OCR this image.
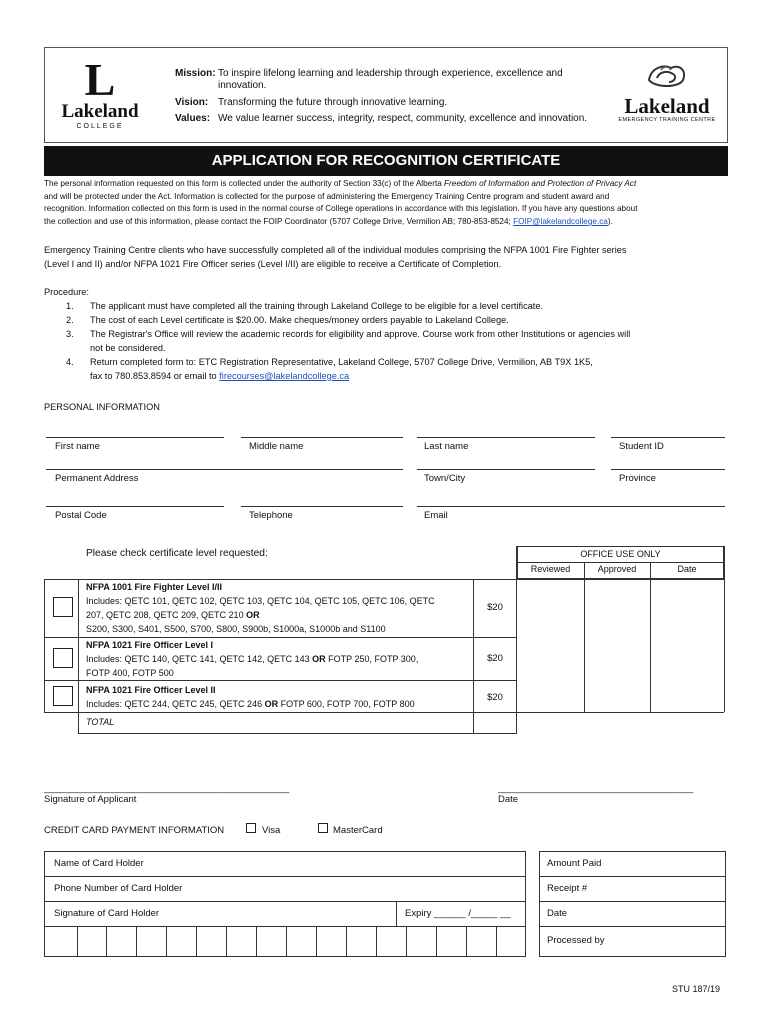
L
Lakeland
COLLEGE
Mission: To inspire lifelong learning and leadership through experience, excellence and innovation.
Vision: Transforming the future through innovative learning.
Values: We value learner success, integrity, respect, community, excellence and innovation.
Lakeland
EMERGENCY TRAINING CENTRE
APPLICATION FOR RECOGNITION CERTIFICATE
The personal information requested on this form is collected under the authority of Section 33(c) of the Alberta Freedom of Information and Protection of Privacy Act
and will be protected under the Act. Information is collected for the purpose of administering the Emergency Training Centre program and student award and
recognition. Information collected on this form is used in the normal course of College operations in accordance with this legislation. If you have any questions about
the collection and use of this information, please contact the FOIP Coordinator (5707 College Drive, Vermilion AB; 780-853-8524; FOIP@lakelandcollege.ca).
Emergency Training Centre clients who have successfully completed all of the individual modules comprising the NFPA 1001 Fire Fighter series
(Level I and II) and/or NFPA 1021 Fire Officer series (Level I/II) are eligible to receive a Certificate of Completion.
Procedure:
1. The applicant must have completed all the training through Lakeland College to be eligible for a level certificate.
2. The cost of each Level certificate is $20.00. Make cheques/money orders payable to Lakeland College.
3. The Registrar's Office will review the academic records for eligibility and approve. Course work from other Institutions or agencies will
not be considered.
4. Return completed form to: ETC Registration Representative, Lakeland College, 5707 College Drive, Vermilion, AB T9X 1K5,
fax to 780.853.8594 or email to firecourses@lakelandcollege.ca
PERSONAL INFORMATION
First name	Middle name	Last name	Student ID
Permanent Address	Town/City	Province
Postal Code	Telephone	Email
Please check certificate level requested:	OFFICE USE ONLY
Reviewed	Approved	Date
NFPA 1001 Fire Fighter Level I/II
Includes: QETC 101, QETC 102, QETC 103, QETC 104, QETC 105, QETC 106, QETC
207, QETC 208, QETC 209, QETC 210 OR
S200, S300, S401, S500, S700, S800, S900b, S1000a, S1000b and S1100
$20
NFPA 1021 Fire Officer Level I
Includes: QETC 140, QETC 141, QETC 142, QETC 143 OR FOTP 250, FOTP 300,
FOTP 400, FOTP 500
$20
NFPA 1021 Fire Officer Level II
Includes: QETC 244, QETC 245, QETC 246 OR FOTP 600, FOTP 700, FOTP 800
$20
TOTAL
_________________________________________________
Signature of Applicant
_______________________________________
Date
CREDIT CARD PAYMENT INFORMATION	Visa	MasterCard
Name of Card Holder
Phone Number of Card Holder
Signature of Card Holder	Expiry ______ /_____ __
Amount Paid
Receipt #
Date
Processed by
STU 187/19
